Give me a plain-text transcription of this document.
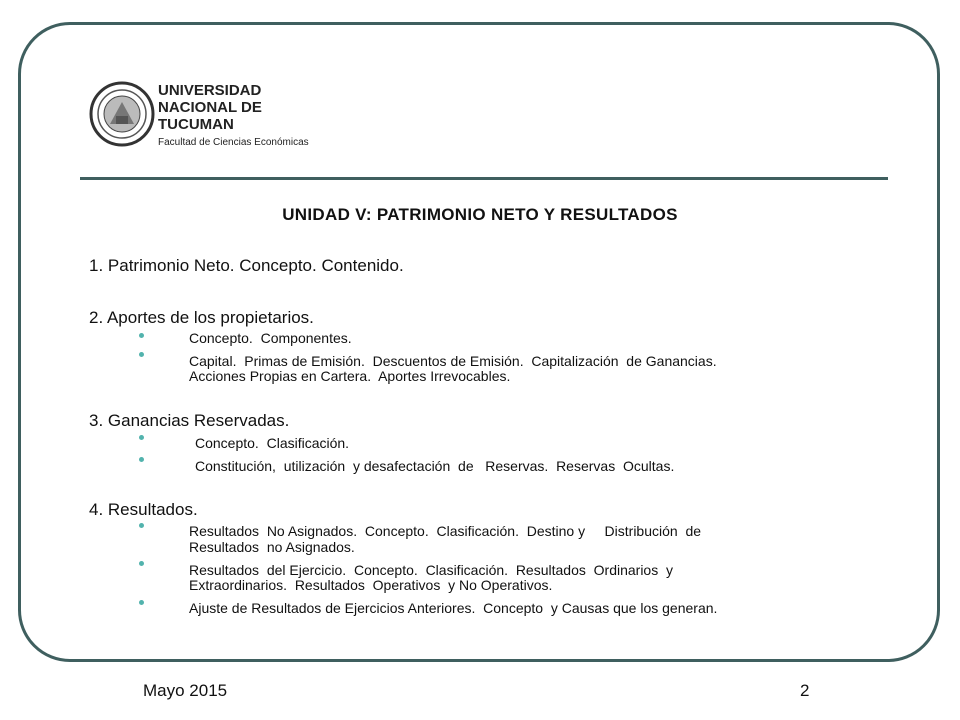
UNIVERSIDAD
NACIONAL DE
TUCUMAN
Facultad de Ciencias Económicas
UNIDAD V: PATRIMONIO NETO Y RESULTADOS
1. Patrimonio Neto. Concepto. Contenido.
2. Aportes de los propietarios.
Concepto.  Componentes.
Capital.  Primas de Emisión.  Descuentos de Emisión.  Capitalización  de Ganancias.
Acciones Propias en Cartera.  Aportes Irrevocables.
3. Ganancias Reservadas.
Concepto.  Clasificación.
Constitución,  utilización  y desafectación  de   Reservas.  Reservas  Ocultas.
4. Resultados.
Resultados  No Asignados.  Concepto.  Clasificación.  Destino y     Distribución  de
Resultados  no Asignados.
Resultados  del Ejercicio.  Concepto.  Clasificación.  Resultados  Ordinarios  y
Extraordinarios.  Resultados  Operativos  y No Operativos.
Ajuste de Resultados de Ejercicios Anteriores.  Concepto  y Causas que los generan.
Mayo 2015	2
